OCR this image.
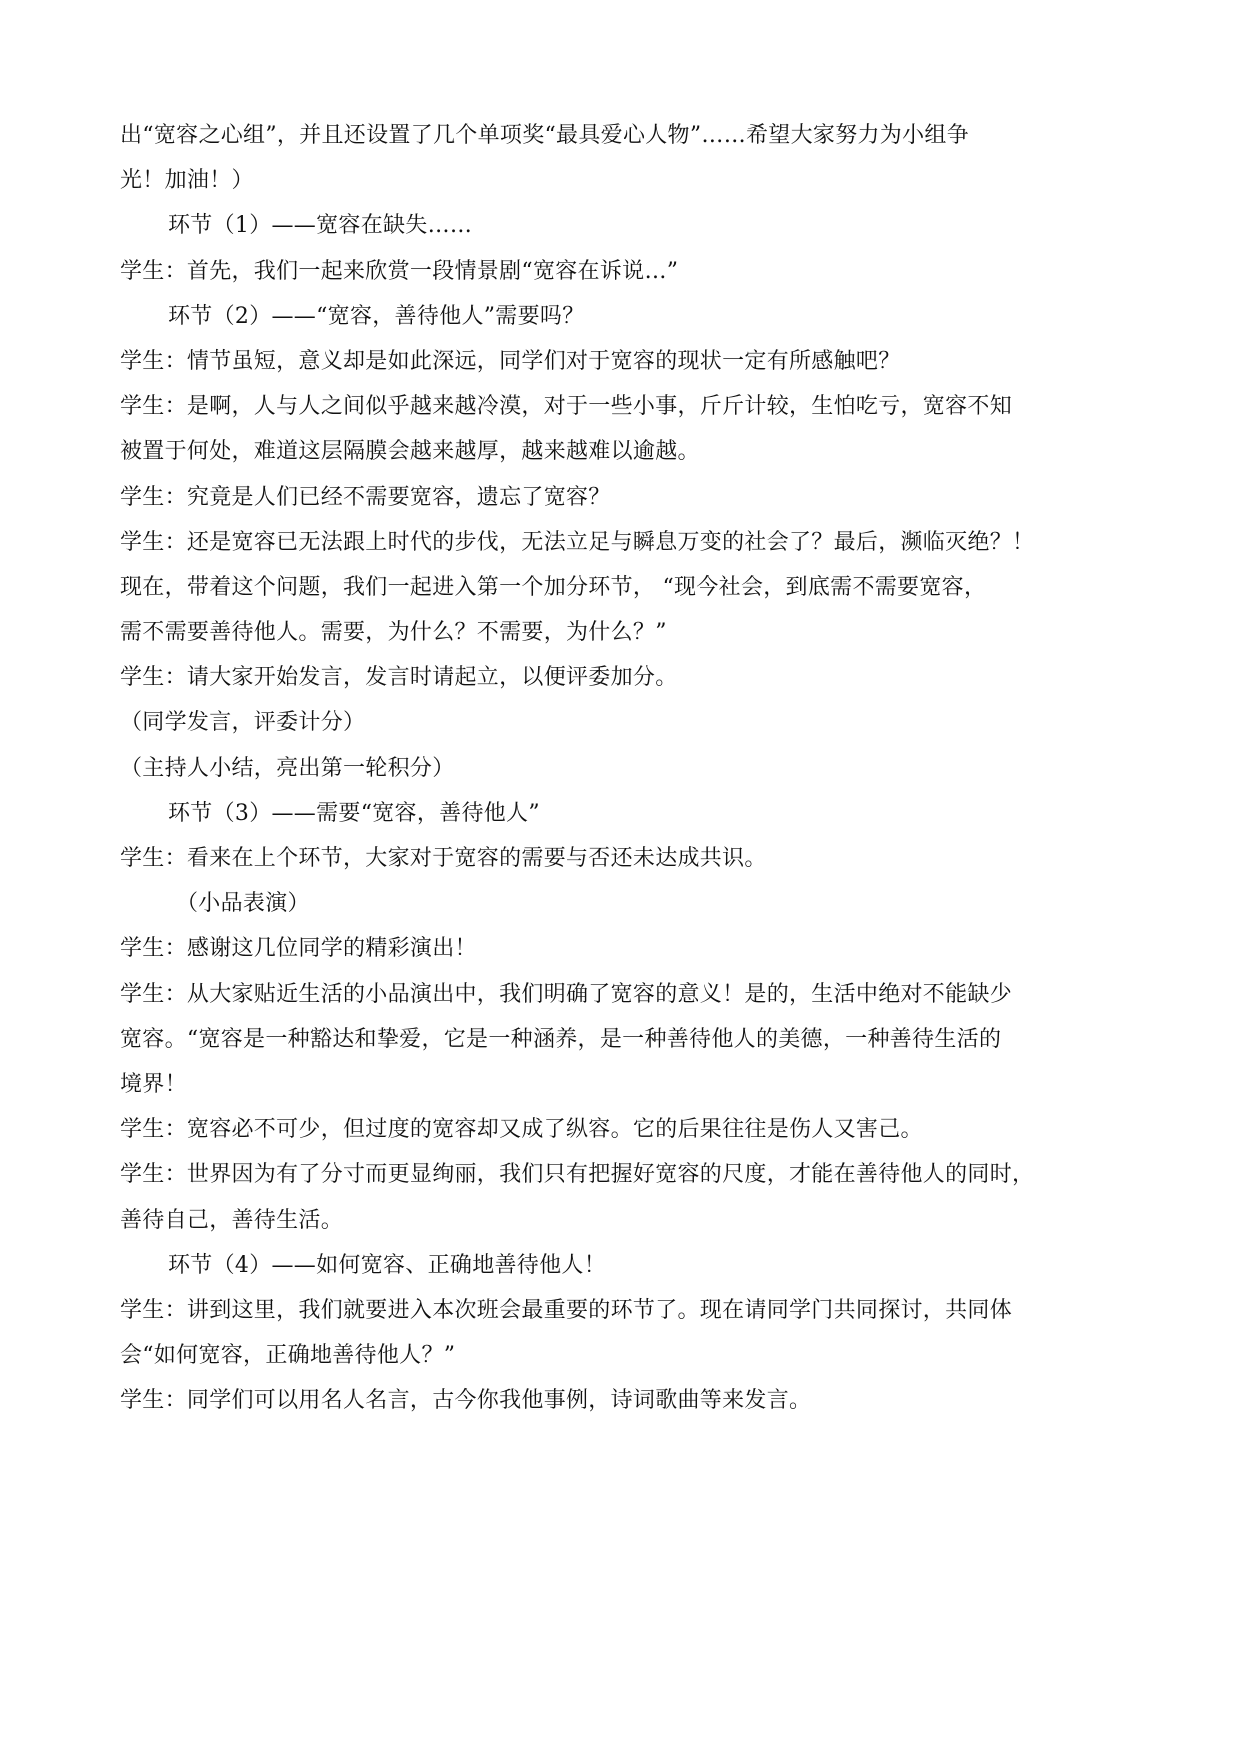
出“宽容之心组”，并且还设置了几个单项奖“最具爱心人物”……希望大家努力为小组争
光！加油！）
环节（1）——宽容在缺失……
学生：首先，我们一起来欣赏一段情景剧“宽容在诉说…”
环节（2）——“宽容，善待他人”需要吗？
学生：情节虽短，意义却是如此深远，同学们对于宽容的现状一定有所感触吧？
学生：是啊，人与人之间似乎越来越冷漠，对于一些小事，斤斤计较，生怕吃亏，宽容不知
被置于何处，难道这层隔膜会越来越厚，越来越难以逾越。
学生：究竟是人们已经不需要宽容，遗忘了宽容？
学生：还是宽容已无法跟上时代的步伐，无法立足与瞬息万变的社会了？最后，濒临灭绝？！
现在，带着这个问题，我们一起进入第一个加分环节， “现今社会，到底需不需要宽容，
需不需要善待他人。需要，为什么？不需要，为什么？”
学生：请大家开始发言，发言时请起立，以便评委加分。
（同学发言，评委计分）
（主持人小结，亮出第一轮积分）
环节（3）——需要“宽容，善待他人”
学生：看来在上个环节，大家对于宽容的需要与否还未达成共识。
（小品表演）
学生：感谢这几位同学的精彩演出！
学生：从大家贴近生活的小品演出中，我们明确了宽容的意义！是的，生活中绝对不能缺少
宽容。“宽容是一种豁达和挚爱，它是一种涵养，是一种善待他人的美德，一种善待生活的
境界！
学生：宽容必不可少，但过度的宽容却又成了纵容。它的后果往往是伤人又害己。
学生：世界因为有了分寸而更显绚丽，我们只有把握好宽容的尺度，才能在善待他人的同时，
善待自己，善待生活。
环节（4）——如何宽容、正确地善待他人！
学生：讲到这里，我们就要进入本次班会最重要的环节了。现在请同学门共同探讨，共同体
会“如何宽容，正确地善待他人？”
学生：同学们可以用名人名言，古今你我他事例，诗词歌曲等来发言。
